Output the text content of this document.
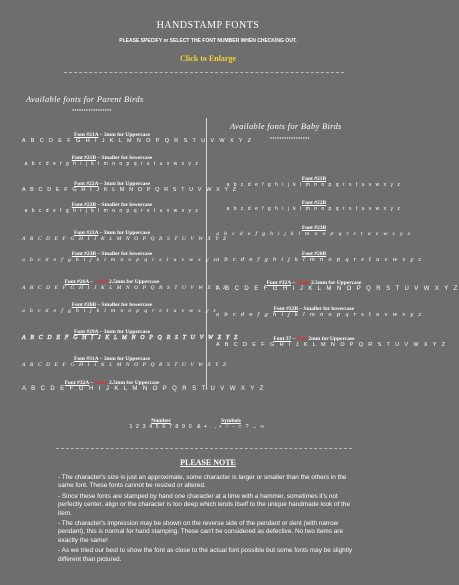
HANDSTAMP FONTS
PLEASE SPECIFY or SELECT THE FONT NUMBER WHEN CHECKING OUT.
Click to Enlarge
Available fonts for Parent Birds
*****************
Font #21A – 3mm for Uppercase
A B C D E F G H I J K L M N O P Q R S T U V W X Y Z
Font #21B – Smaller for lowercase
a b c d e f g h i j k l m n o p q r s t u v w x y z
Font #22A – 3mm for Uppercase
A B C D E F G H I J K L M N O P Q R S T U V W X Y Z
Font #22B – Smaller for lowercase
a b c d e f g h i j k l m n o p q r s t u v w x y z
Font #23A – 3mm for Uppercase
A B C D E F G H I J K L M N O P Q R S T U V W X Y Z
Font #23B – Smaller for lowercase
a b c d e f g h i j k l m n o p q r s t u v w x y z
Font #26A – Small 2.5mm for Uppercase
A B C D E F G H I J K L M N O P Q R S T U V W X Y Z
Font #26B – Smaller for lowercase
a b c d e f g h i j k l m n o p q r s t u v w x y z
Font #29A – 3mm for Uppercase
A B C D E F G H I J K L M N O P Q R S T U V W X Y Z
Font #31A – 3mm for Uppercase
A B C D E F G H I J K L M N O P Q R S T U V W X Y Z
Font #32A – Small 2.5mm for Uppercase
A B C D E F G H I J K L M N O P Q R S T U V W X Y Z
Available fonts for Baby Birds
*****************
Font #21B
a b c d e f g h i j k l m n o p q r s t u v w x y z
Font #22B
a b c d e f g h i j k l m n o p q r s t u v w x y z
Font #23B
a b c d e f g h i j k l m n o p q r s t u v w x y z
Font #26B
a b c d e f g h i j k l m n o p q r s t u v w x y z
Font #32A – Small 2.5mm for Uppercase
A B C D E F G H I J K L M N O P Q R S T U V W X Y Z
Font #32B – Smaller for lowercase
a b c d e f g h i j k l m n o p q r s t u v w x y z
Font 37 – Tiny 2mm for Uppercase
A B C D E F G H I J K L M N O P Q R S T U V W X Y Z
Number
1 2 3 4 5 6 7 8 9 0
Symbols
& + . , • ♡ - ☆ ? → ∞
PLEASE NOTE

- The character's size is just an approximate, some character is larger or smaller than the others in the same font. These fonts cannot be resized or altered.

- Since these fonts are stamped by hand one character at a time with a hammer, sometimes it's not perfectly center, align or the character is too deep which lends itself to the unique handmade look of the item.

- The character's impression may be shown on the reverse side of the pendant or dent (with narrow pendant), this is normal for hand stamping. These can't be considered as defective. No two items are exactly the same!

- As we tried our best to show the font as close to the actual font possible but some fonts may be slightly different than pictured.
